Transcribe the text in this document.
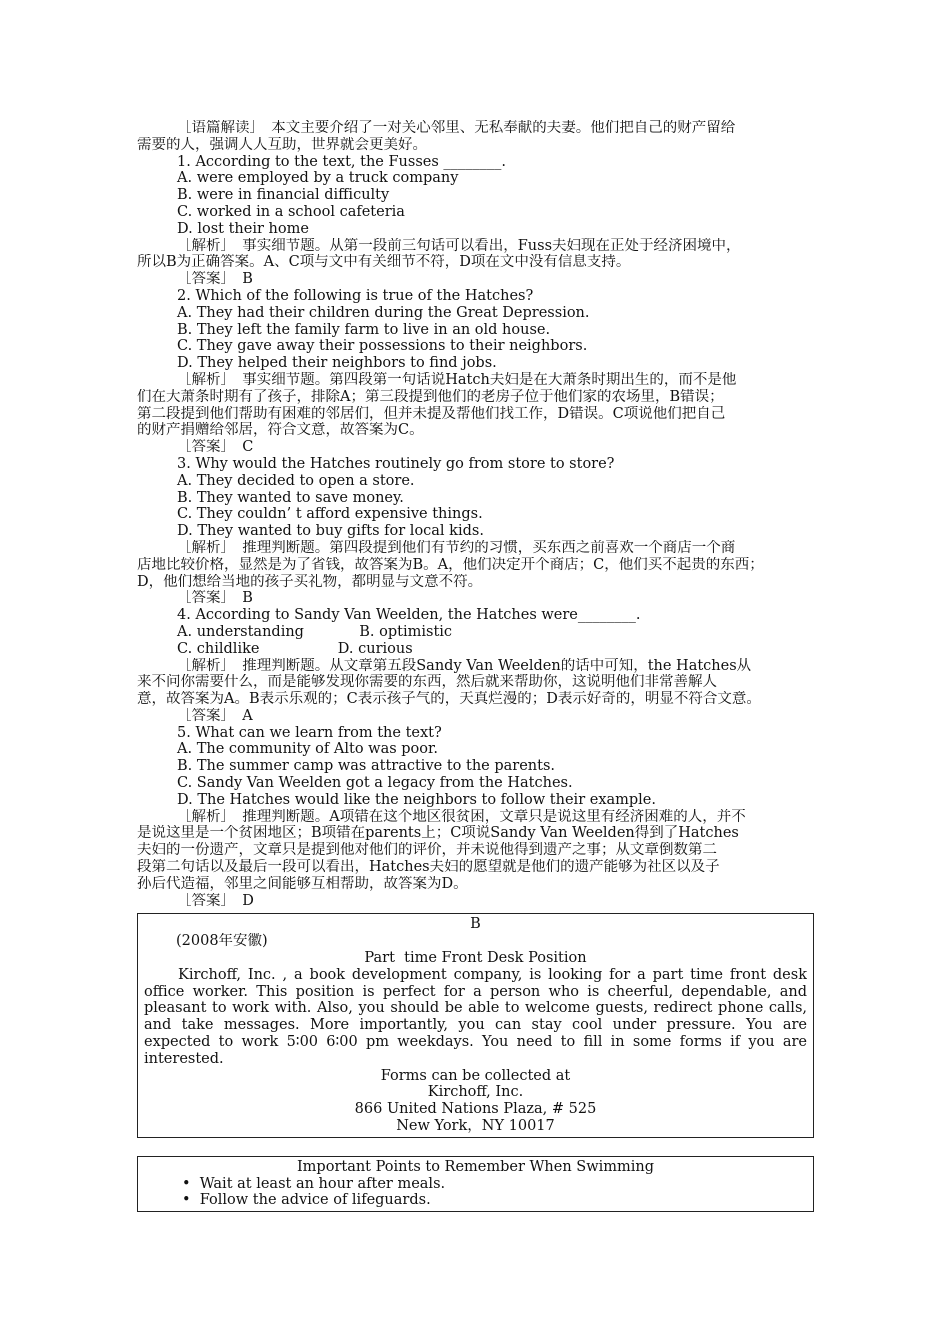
［语篇解读］　本文主要介绍了一对关心邻里、无私奉献的夫妻。他们把自己的财产留给
需要的人，强调人人互助，世界就会更美好。
1. According to the text, the Fusses ________.
A. were employed by a truck company
B. were in financial difficulty
C. worked in a school cafeteria
D. lost their home
［解析］　事实细节题。从第一段前三句话可以看出，Fuss夫妇现在正处于经济困境中，
所以B为正确答案。A、C项与文中有关细节不符，D项在文中没有信息支持。
［答案］　B
2. Which of the following is true of the Hatches?
A. They had their children during the Great Depression.
B. They left the family farm to live in an old house.
C. They gave away their possessions to their neighbors.
D. They helped their neighbors to find jobs.
［解析］　事实细节题。第四段第一句话说Hatch夫妇是在大萧条时期出生的，而不是他
们在大萧条时期有了孩子，排除A；第三段提到他们的老房子位于他们家的农场里，B错误；
第二段提到他们帮助有困难的邻居们，但并未提及帮他们找工作，D错误。C项说他们把自己
的财产捐赠给邻居，符合文意，故答案为C。
［答案］　C
3. Why would the Hatches routinely go from store to store?
A. They decided to open a store.
B. They wanted to save money.
C. They couldn’ t afford expensive things.
D. They wanted to buy gifts for local kids.
［解析］　推理判断题。第四段提到他们有节约的习惯，买东西之前喜欢一个商店一个商
店地比较价格，显然是为了省钱，故答案为B。A，他们决定开个商店；C，他们买不起贵的东西；
D，他们想给当地的孩子买礼物，都明显与文意不符。
［答案］　B
4. According to Sandy Van Weelden, the Hatches were________.
A. understanding            B. optimistic
C. childlike                 D. curious
［解析］　推理判断题。从文章第五段Sandy Van Weelden的话中可知，the Hatches从
来不问你需要什么，而是能够发现你需要的东西，然后就来帮助你，这说明他们非常善解人
意，故答案为A。B表示乐观的；C表示孩子气的，天真烂漫的；D表示好奇的，明显不符合文意。
［答案］　A
5. What can we learn from the text?
A. The community of Alto was poor.
B. The summer camp was attractive to the parents.
C. Sandy Van Weelden got a legacy from the Hatches.
D. The Hatches would like the neighbors to follow their example.
［解析］　推理判断题。A项错在这个地区很贫困，文章只是说这里有经济困难的人，并不
是说这里是一个贫困地区；B项错在parents上；C项说Sandy Van Weelden得到了Hatches
夫妇的一份遗产，文章只是提到他对他们的评价，并未说他得到遗产之事；从文章倒数第二
段第二句话以及最后一段可以看出，Hatches夫妇的愿望就是他们的遗产能够为社区以及子
孙后代造福，邻里之间能够互相帮助，故答案为D。
［答案］　D
B
(2008年安徽)
Part  time Front Desk Position
Kirchoff, Inc. , a book development company, is looking for a part time front desk office worker. This position is perfect for a person who is cheerful, dependable, and pleasant to work with. Also, you should be able to welcome guests, redirect phone calls, and take messages. More importantly, you can stay cool under pressure. You are expected to work 5∶00 6∶00 pm weekdays. You need to fill in some forms if you are interested.
Forms can be collected at
Kirchoff, Inc.
866 United Nations Plaza, # 525
New York，NY 10017
Important Points to Remember When Swimming
•  Wait at least an hour after meals.
•  Follow the advice of lifeguards.
